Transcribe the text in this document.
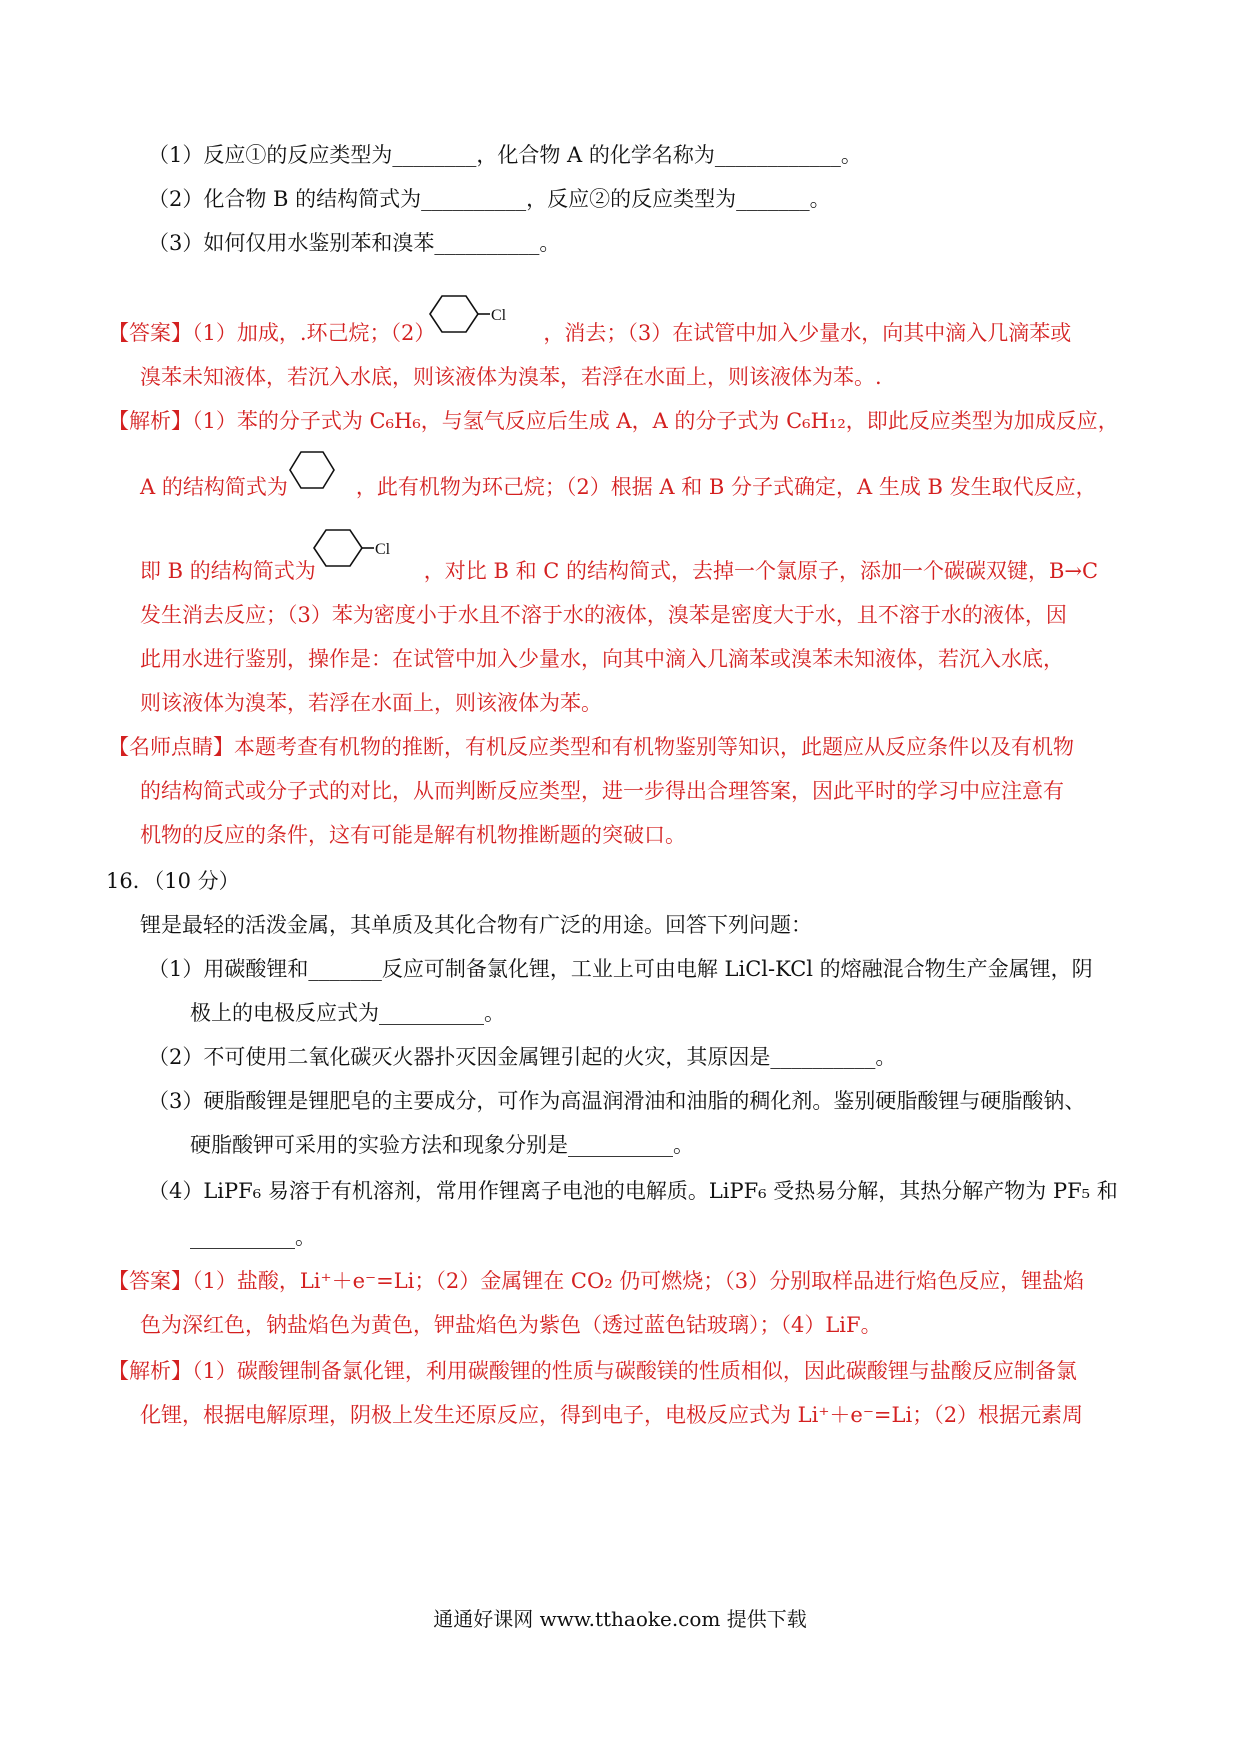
（1）反应①的反应类型为________，化合物 A 的化学名称为____________。
（2）化合物 B 的结构简式为__________，反应②的反应类型为_______。
（3）如何仅用水鉴别苯和溴苯__________。
【答案】（1）加成，.环己烷；（2）	，消去；（3）在试管中加入少量水，向其中滴入几滴苯或
Cl
溴苯未知液体，若沉入水底，则该液体为溴苯，若浮在水面上，则该液体为苯。.
【解析】（1）苯的分子式为 C₆H₆，与氢气反应后生成 A，A 的分子式为 C₆H₁₂，即此反应类型为加成反应，
A 的结构简式为	，此有机物为环己烷；（2）根据 A 和 B 分子式确定，A 生成 B 发生取代反应，
即 B 的结构简式为	，对比 B 和 C 的结构简式，去掉一个氯原子，添加一个碳碳双键，B→C
Cl
发生消去反应；（3）苯为密度小于水且不溶于水的液体，溴苯是密度大于水，且不溶于水的液体，因
此用水进行鉴别，操作是：在试管中加入少量水，向其中滴入几滴苯或溴苯未知液体，若沉入水底，
则该液体为溴苯，若浮在水面上，则该液体为苯。
【名师点睛】本题考查有机物的推断，有机反应类型和有机物鉴别等知识，此题应从反应条件以及有机物
的结构简式或分子式的对比，从而判断反应类型，进一步得出合理答案，因此平时的学习中应注意有
机物的反应的条件，这有可能是解有机物推断题的突破口。
16．（10 分）
锂是最轻的活泼金属，其单质及其化合物有广泛的用途。回答下列问题：
（1）用碳酸锂和_______反应可制备氯化锂，工业上可由电解 LiCl-KCl 的熔融混合物生产金属锂，阴
极上的电极反应式为__________。
（2）不可使用二氧化碳灭火器扑灭因金属锂引起的火灾，其原因是__________。
（3）硬脂酸锂是锂肥皂的主要成分，可作为高温润滑油和油脂的稠化剂。鉴别硬脂酸锂与硬脂酸钠、
硬脂酸钾可采用的实验方法和现象分别是__________。
（4）LiPF₆ 易溶于有机溶剂，常用作锂离子电池的电解质。LiPF₆ 受热易分解，其热分解产物为 PF₅ 和
__________。
【答案】（1）盐酸，Li⁺＋e⁻=Li；（2）金属锂在 CO₂ 仍可燃烧；（3）分别取样品进行焰色反应，锂盐焰
色为深红色，钠盐焰色为黄色，钾盐焰色为紫色（透过蓝色钴玻璃）；（4）LiF。
【解析】（1）碳酸锂制备氯化锂，利用碳酸锂的性质与碳酸镁的性质相似，因此碳酸锂与盐酸反应制备氯
化锂，根据电解原理，阴极上发生还原反应，得到电子，电极反应式为 Li⁺＋e⁻=Li；（2）根据元素周
通通好课网 www.tthaoke.com 提供下载
